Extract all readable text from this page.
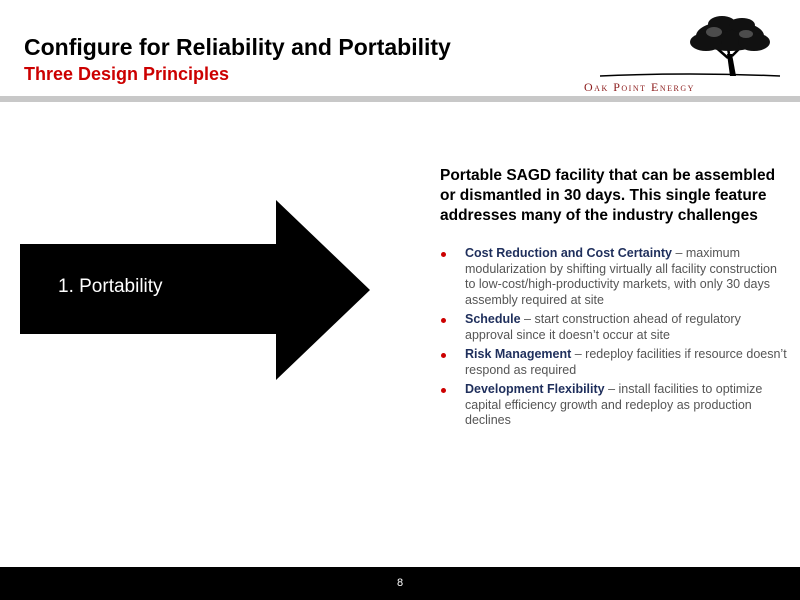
Configure for Reliability and Portability
Three Design Principles
Oak Point Energy
1. Portability
Portable SAGD facility that can be assembled or dismantled in 30 days. This single feature addresses many of the industry challenges
Cost Reduction and Cost Certainty – maximum modularization by shifting virtually all facility construction to low-cost/high-productivity markets, with only 30 days assembly required at site
Schedule – start construction ahead of regulatory approval since it doesn’t occur at site
Risk Management – redeploy facilities if resource doesn’t respond as required
Development Flexibility – install facilities to optimize capital efficiency growth and redeploy as production declines
8
